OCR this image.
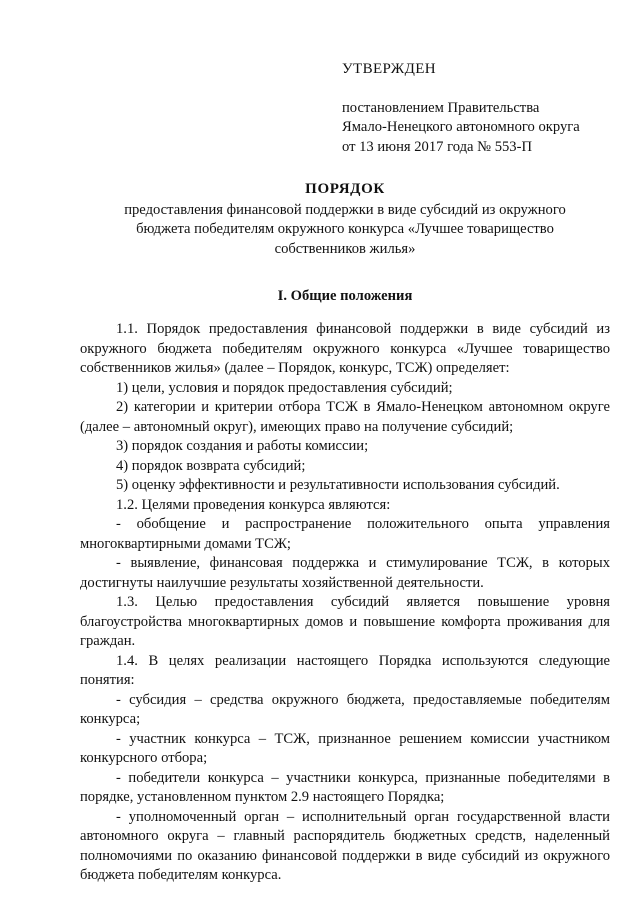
УТВЕРЖДЕН

постановлением Правительства

Ямало-Ненецкого автономного округа

от 13 июня 2017 года № 553-П

ПОРЯДОК

предоставления финансовой поддержки в виде субсидий из окружного

бюджета победителям окружного конкурса «Лучшее товарищество

собственников жилья»

I. Общие положения

1.1. Порядок предоставления финансовой поддержки в виде субсидий из окружного бюджета победителям окружного конкурса «Лучшее товарищество собственников жилья» (далее – Порядок, конкурс, ТСЖ) определяет:

1) цели, условия и порядок предоставления субсидий;

2) категории и критерии отбора ТСЖ в Ямало-Ненецком автономном округе (далее – автономный округ), имеющих право на получение субсидий;

3) порядок создания и работы комиссии;

4) порядок возврата субсидий;

5) оценку эффективности и результативности использования субсидий.

1.2. Целями проведения конкурса являются:

- обобщение и распространение положительного опыта управления многоквартирными домами ТСЖ;

- выявление, финансовая поддержка и стимулирование ТСЖ, в которых достигнуты наилучшие результаты хозяйственной деятельности.

1.3. Целью предоставления субсидий является повышение уровня благоустройства многоквартирных домов и повышение комфорта проживания для граждан.

1.4. В целях реализации настоящего Порядка используются следующие понятия:

- субсидия – средства окружного бюджета, предоставляемые победителям конкурса;

- участник конкурса – ТСЖ, признанное решением комиссии участником конкурсного отбора;

- победители конкурса – участники конкурса, признанные победителями в порядке, установленном пунктом 2.9 настоящего Порядка;

- уполномоченный орган – исполнительный орган государственной власти автономного округа – главный распорядитель бюджетных средств, наделенный полномочиями по оказанию финансовой поддержки в виде субсидий из окружного бюджета победителям конкурса.
